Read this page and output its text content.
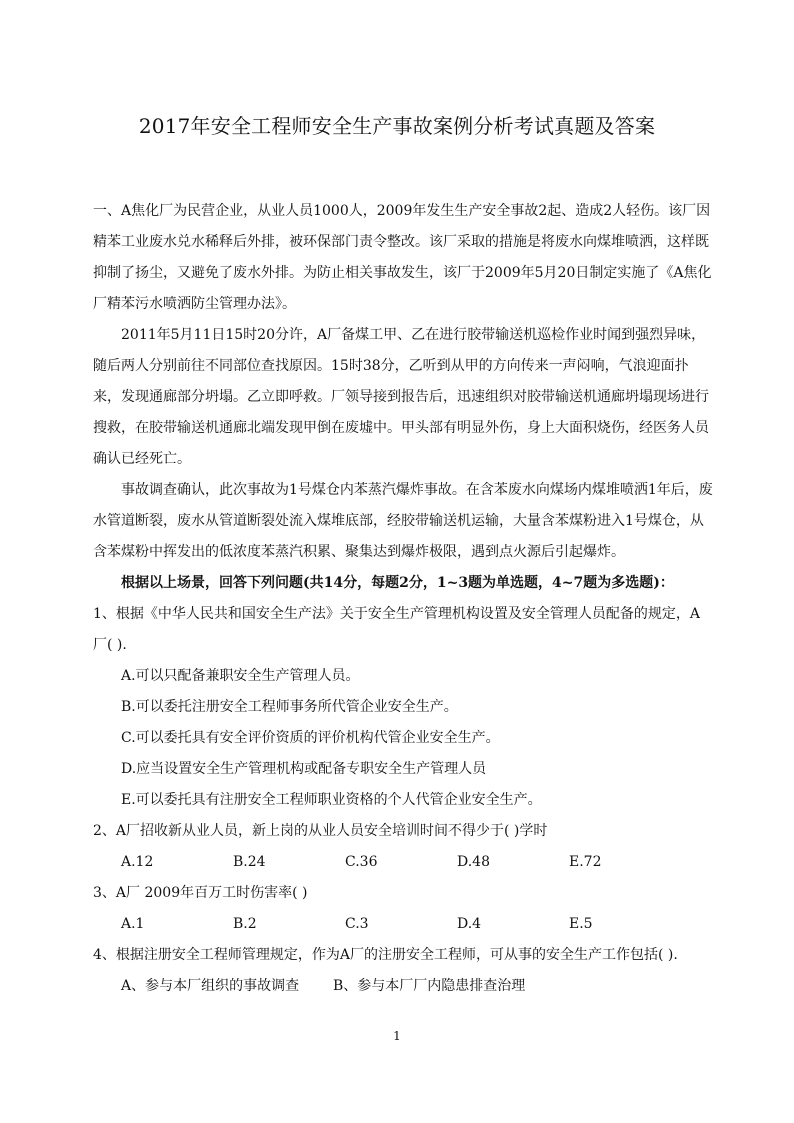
2017年安全工程师安全生产事故案例分析考试真题及答案

一、A焦化厂为民营企业，从业人员1000人，2009年发生生产安全事故2起、造成2人轻伤。该厂因精苯工业废水兑水稀释后外排，被环保部门责令整改。该厂采取的措施是将废水向煤堆喷洒，这样既抑制了扬尘，又避免了废水外排。为防止相关事故发生，该厂于2009年5月20日制定实施了《A焦化厂精苯污水喷洒防尘管理办法》。

2011年5月11日15时20分许，A厂备煤工甲、乙在进行胶带输送机巡检作业时闻到强烈异味，随后两人分别前往不同部位查找原因。15时38分，乙听到从甲的方向传来一声闷响，气浪迎面扑来，发现通廊部分坍塌。乙立即呼救。厂领导接到报告后，迅速组织对胶带输送机通廊坍塌现场进行搜救，在胶带输送机通廊北端发现甲倒在废墟中。甲头部有明显外伤，身上大面积烧伤，经医务人员确认已经死亡。

事故调查确认，此次事故为1号煤仓内苯蒸汽爆炸事故。在含苯废水向煤场内煤堆喷洒1年后，废水管道断裂，废水从管道断裂处流入煤堆底部，经胶带输送机运输，大量含苯煤粉进入1号煤仓，从含苯煤粉中挥发出的低浓度苯蒸汽积累、聚集达到爆炸极限，遇到点火源后引起爆炸。

根据以上场景，回答下列问题(共14分，每题2分，1~3题为单选题，4~7题为多选题)：

1、根据《中华人民共和国安全生产法》关于安全生产管理机构设置及安全管理人员配备的规定，A厂( ).

A.可以只配备兼职安全生产管理人员。

B.可以委托注册安全工程师事务所代管企业安全生产。

C.可以委托具有安全评价资质的评价机构代管企业安全生产。

D.应当设置安全生产管理机构或配备专职安全生产管理人员

E.可以委托具有注册安全工程师职业资格的个人代管企业安全生产。

2、A厂招收新从业人员，新上岗的从业人员安全培训时间不得少于( )学时

A.12	B.24	C.36	D.48	E.72

3、A厂 2009年百万工时伤害率( )

A.1	B.2	C.3	D.4	E.5

4、根据注册安全工程师管理规定，作为A厂的注册安全工程师，可从事的安全生产工作包括( ).

A、参与本厂组织的事故调查	B、参与本厂厂内隐患排查治理
1
